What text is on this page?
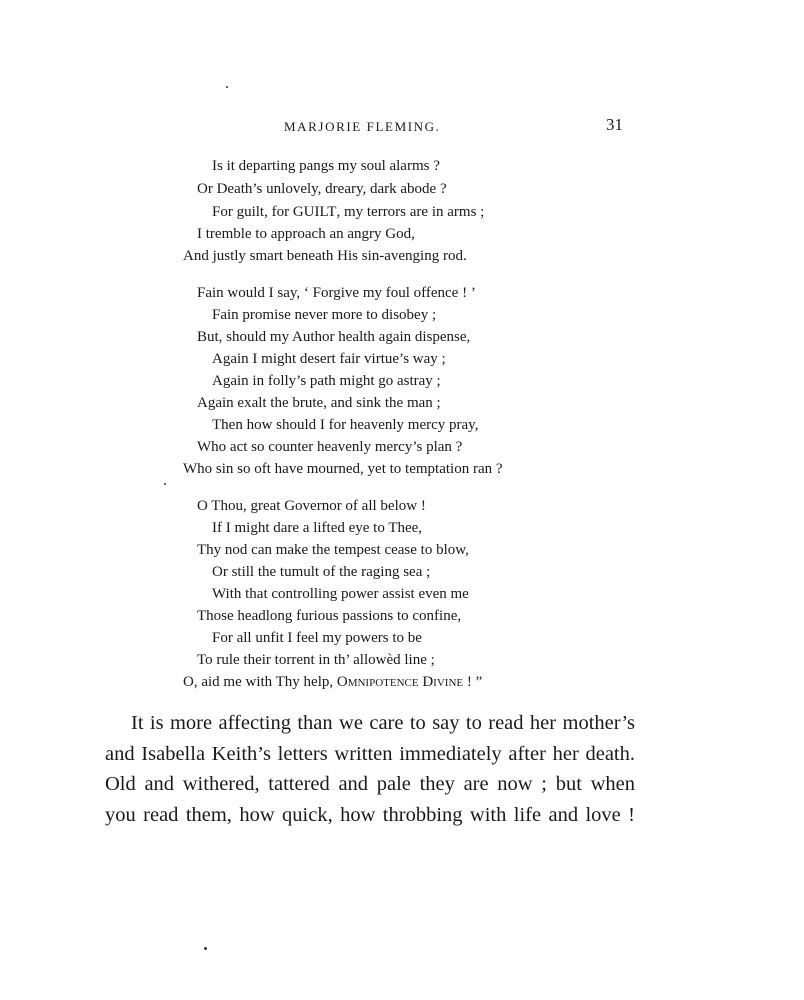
MARJORIE FLEMING.	31
Is it departing pangs my soul alarms ?
Or Death’s unlovely, dreary, dark abode ?
For guilt, for GUILT, my terrors are in arms ;
I tremble to approach an angry God,
And justly smart beneath His sin-avenging rod.
Fain would I say, ‘ Forgive my foul offence ! ’
Fain promise never more to disobey ;
But, should my Author health again dispense,
Again I might desert fair virtue’s way ;
Again in folly’s path might go astray ;
Again exalt the brute, and sink the man ;
Then how should I for heavenly mercy pray,
Who act so counter heavenly mercy’s plan ?
Who sin so oft have mourned, yet to temptation ran ?
O Thou, great Governor of all below !
If I might dare a lifted eye to Thee,
Thy nod can make the tempest cease to blow,
Or still the tumult of the raging sea ;
With that controlling power assist even me
Those headlong furious passions to confine,
For all unfit I feel my powers to be
To rule their torrent in th’ allowèd line ;
O, aid me with Thy help, Omnipotence Divine ! ”
It is more affecting than we care to say to read her mother’s
and Isabella Keith’s letters written immediately after her death.
Old and withered, tattered and pale they are now ; but when
you read them, how quick, how throbbing with life and love !
